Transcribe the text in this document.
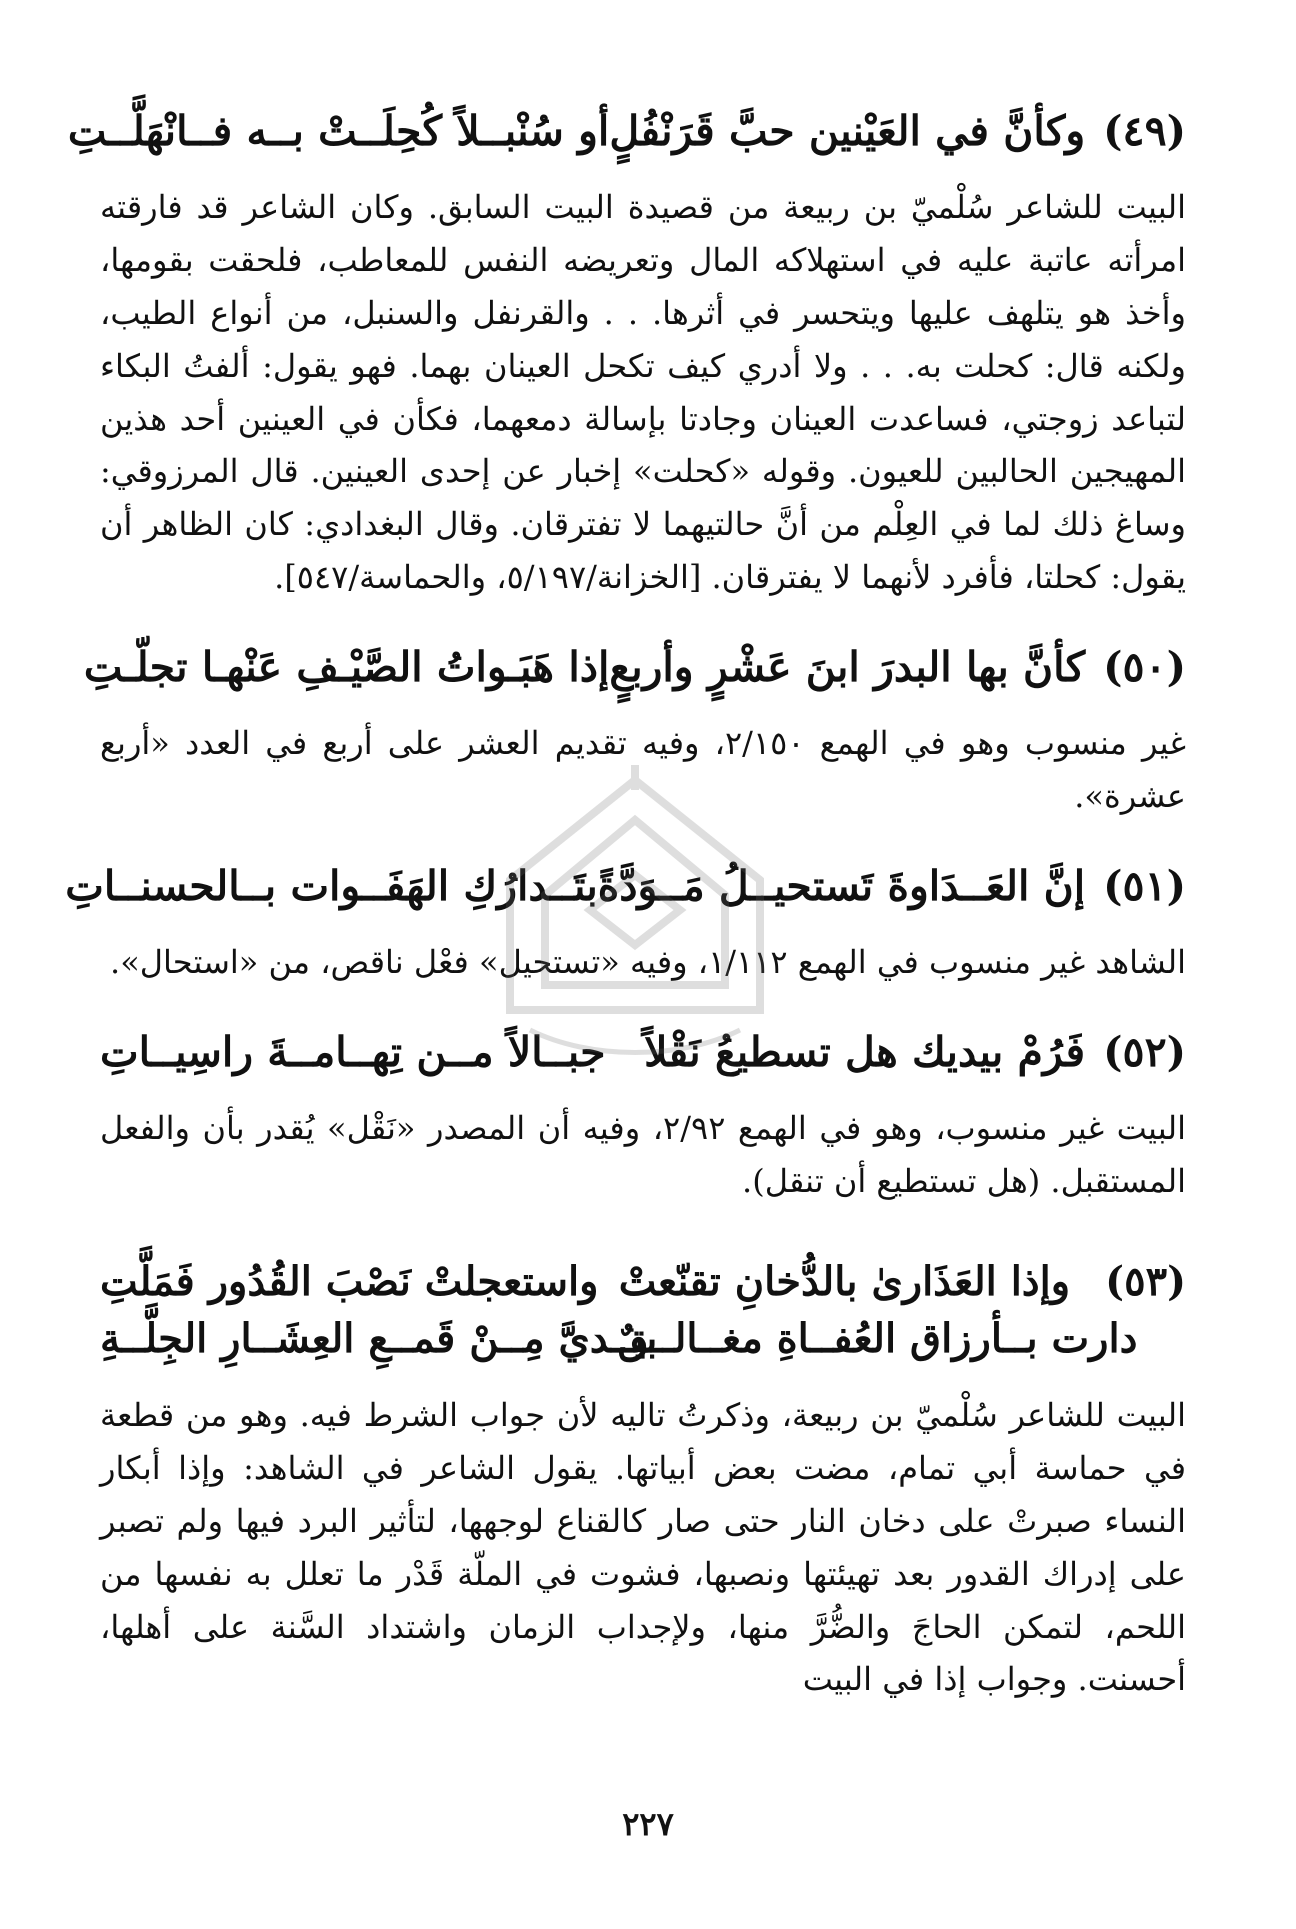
(٤٩)
وكأنَّ في العَيْنين حبَّ قَرَنْفُلٍ
أو سُنْبــلاً كُحِلَــتْ بــه فــانْهَلَّــتِ

البيت للشاعر سُلْميّ بن ربيعة من قصيدة البيت السابق. وكان الشاعر قد فارقته امرأته عاتبة عليه في استهلاكه المال وتعريضه النفس للمعاطب، فلحقت بقومها، وأخذ هو يتلهف عليها ويتحسر في أثرها. . . والقرنفل والسنبل، من أنواع الطيب، ولكنه قال: كحلت به. . . ولا أدري كيف تكحل العينان بهما. فهو يقول: ألفتُ البكاء لتباعد زوجتي، فساعدت العينان وجادتا بإسالة دمعهما، فكأن في العينين أحد هذين المهيجين الحالبين للعيون. وقوله «كحلت» إخبار عن إحدى العينين. قال المرزوقي: وساغ ذلك لما في العِلْم من أنَّ حالتيهما لا تفترقان. وقال البغدادي: كان الظاهر أن يقول: كحلتا، فأفرد لأنهما لا يفترقان. [الخزانة/٥/١٩٧، والحماسة/٥٤٧].

(٥٠)
كأنَّ بها البدرَ ابنَ عَشْرٍ وأربعٍ
إذا هَبَـواتُ الصَّيْـفِ عَنْهـا تجلّـتِ

غير منسوب وهو في الهمع ٢/١٥٠، وفيه تقديم العشر على أربع في العدد «أربع عشرة».

(٥١)
إنَّ العَــدَاوةَ تَستحيــلُ مَــوَدَّةً
بتَــدارُكِ الهَفَــوات بــالحسنــاتِ

الشاهد غير منسوب في الهمع ١/١١٢، وفيه «تستحيل» فعْل ناقص، من «استحال».

(٥٢)
فَرُمْ بيديك هل تسطيعُ نَقْلاً
جبــالاً مــن تِهــامــةَ راسِيــاتِ

البيت غير منسوب، وهو في الهمع ٢/٩٢، وفيه أن المصدر «نَقْل» يُقدر بأن والفعل المستقبل. (هل تستطيع أن تنقل).

(٥٣)
وإذا العَذَارىٰ بالدُّخانِ تقنّعتْ
واستعجلتْ نَصْبَ القُدُور فَمَلَّتِ
دارت بــأرزاق العُفــاةِ مغــالــقٌ
بيــديَّ مِــنْ قَمــعِ العِشَــارِ الجِلَّــةِ

البيت للشاعر سُلْميّ بن ربيعة، وذكرتُ تاليه لأن جواب الشرط فيه. وهو من قطعة في حماسة أبي تمام، مضت بعض أبياتها. يقول الشاعر في الشاهد: وإذا أبكار النساء صبرتْ على دخان النار حتى صار كالقناع لوجهها، لتأثير البرد فيها ولم تصبر على إدراك القدور بعد تهيئتها ونصبها، فشوت في الملّة قَدْر ما تعلل به نفسها من اللحم، لتمكن الحاجَ والضُّرَّ منها، ولإجداب الزمان واشتداد السَّنة على أهلها، أحسنت. وجواب إذا في البيت

٢٢٧
